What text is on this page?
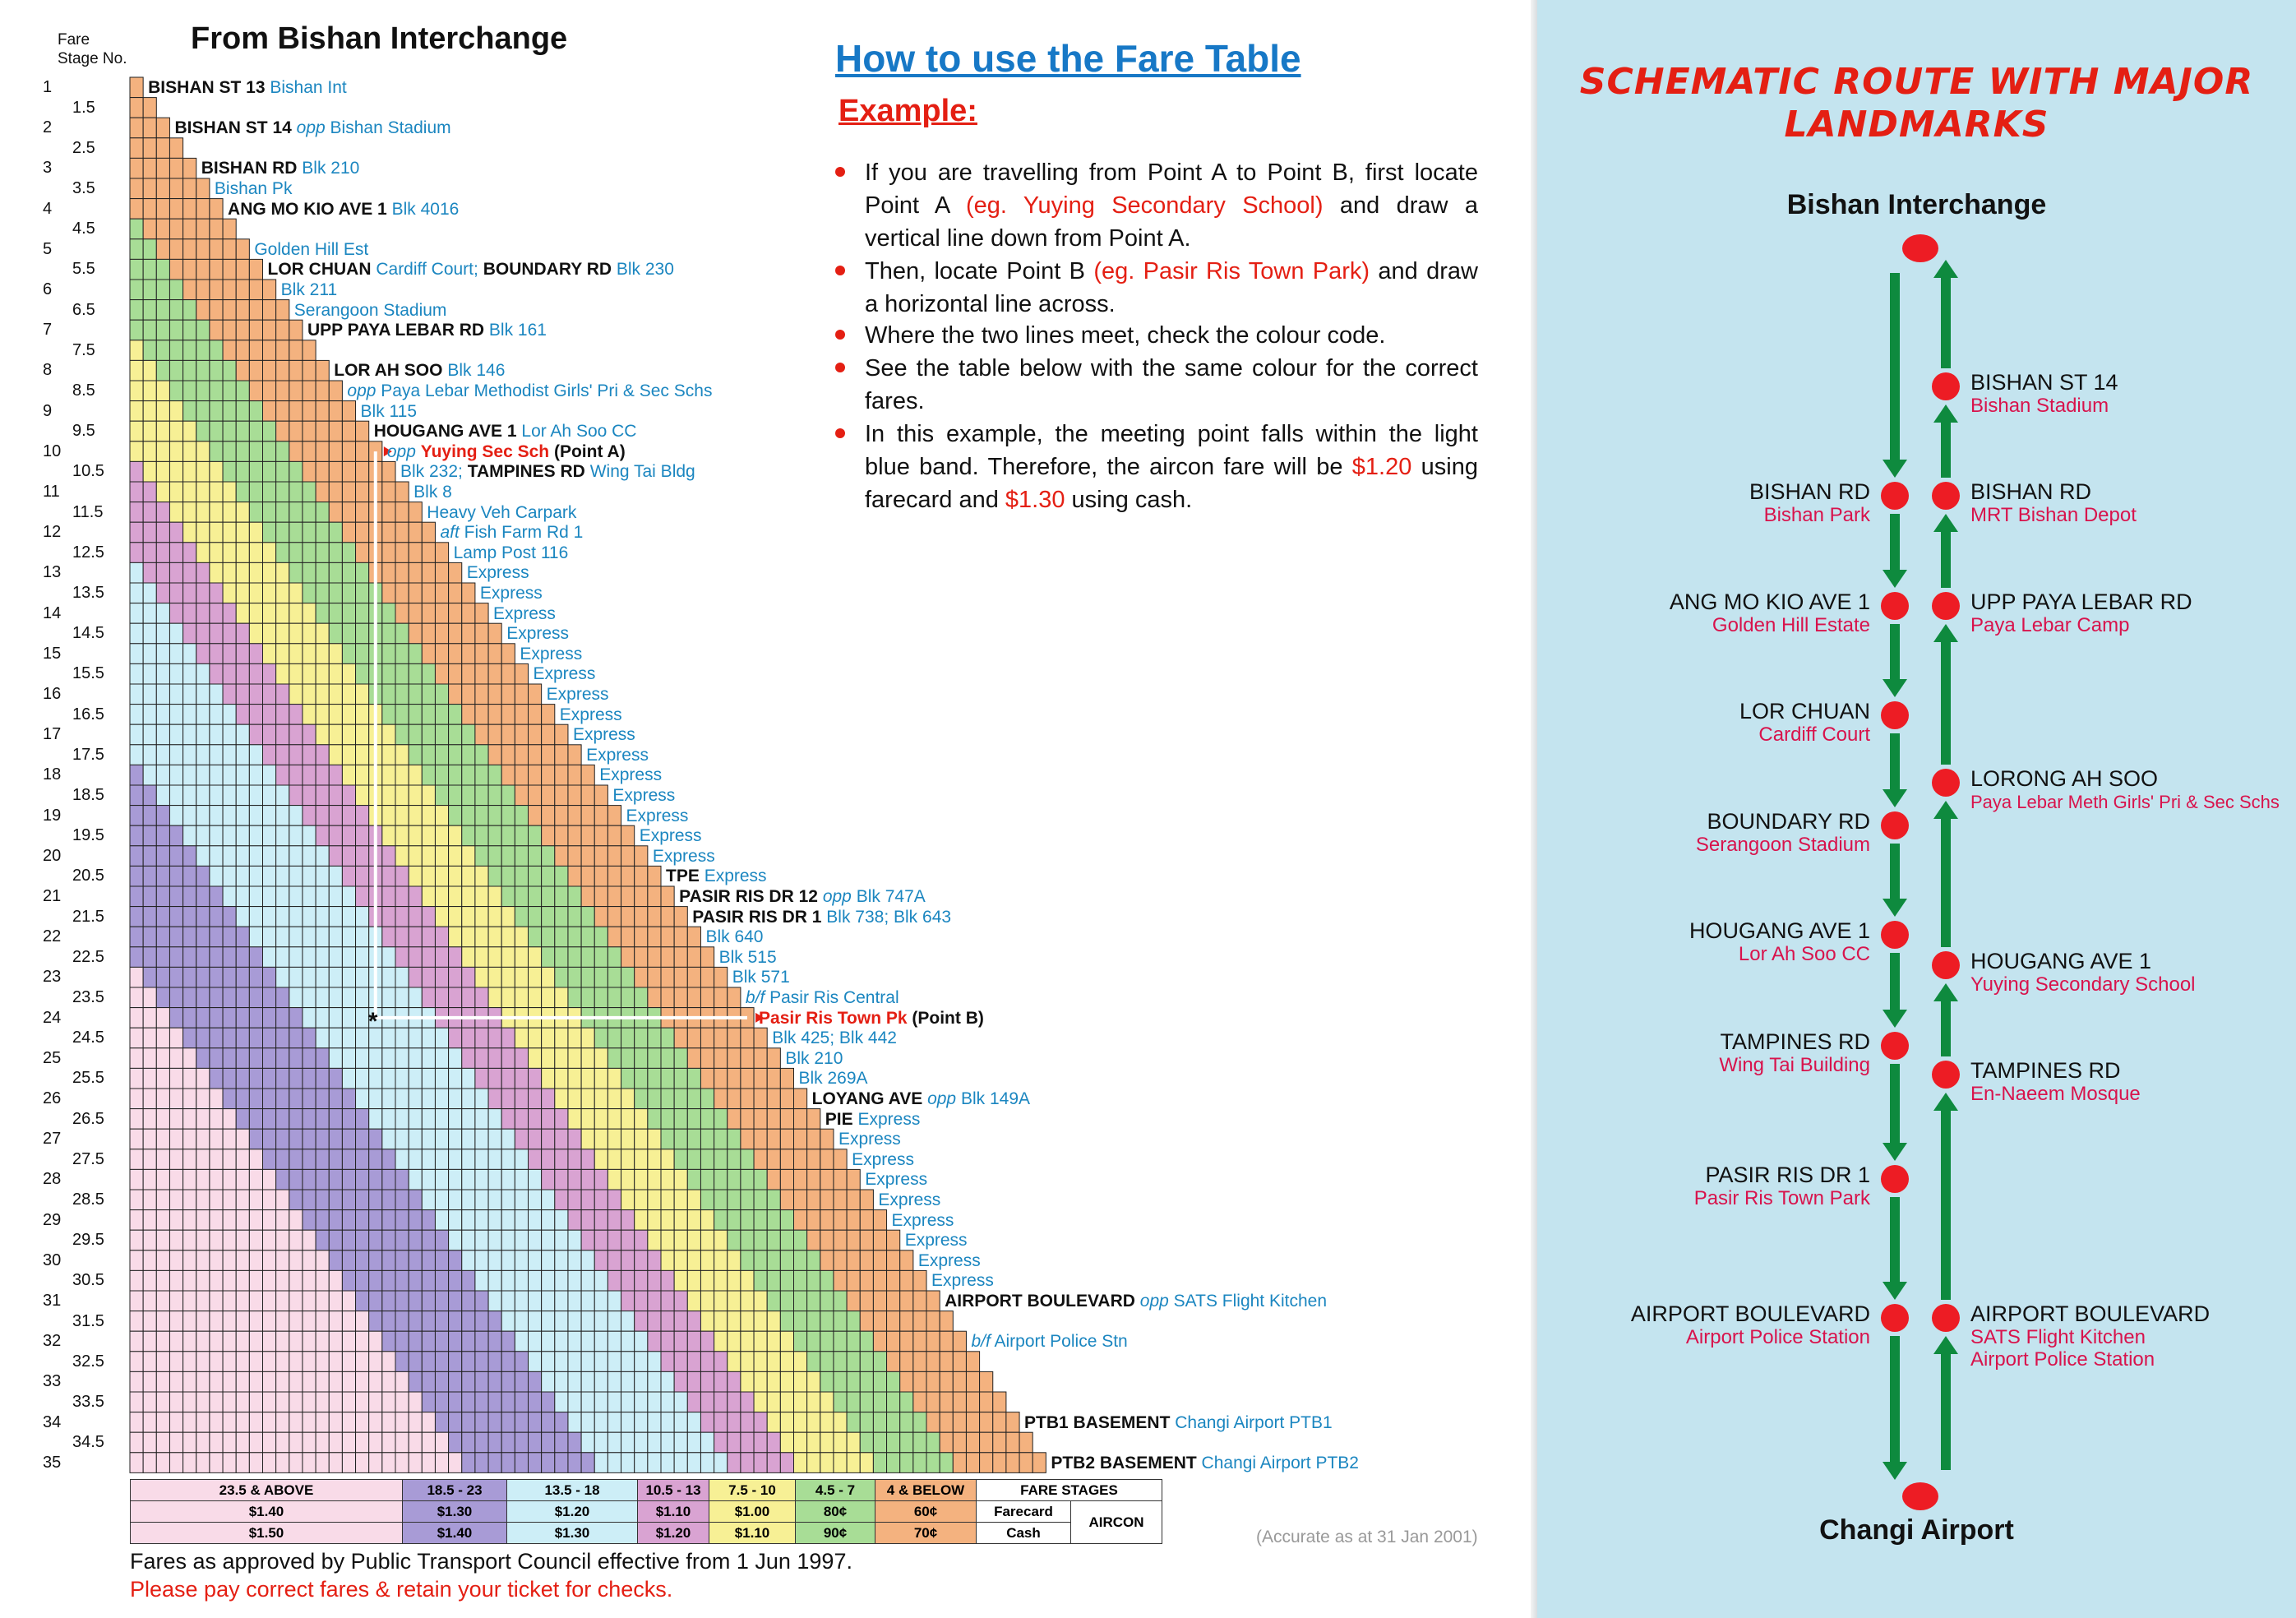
Fare
Stage No.
From Bishan Interchange
*
1
1.5
2
2.5
3
3.5
4
4.5
5
5.5
6
6.5
7
7.5
8
8.5
9
9.5
10
10.5
11
11.5
12
12.5
13
13.5
14
14.5
15
15.5
16
16.5
17
17.5
18
18.5
19
19.5
20
20.5
21
21.5
22
22.5
23
23.5
24
24.5
25
25.5
26
26.5
27
27.5
28
28.5
29
29.5
30
30.5
31
31.5
32
32.5
33
33.5
34
34.5
35
BISHAN ST 13 Bishan Int
BISHAN ST 14 opp Bishan Stadium
BISHAN RD Blk 210
Bishan Pk
ANG MO KIO AVE 1 Blk 4016
Golden Hill Est
LOR CHUAN Cardiff Court; BOUNDARY RD Blk 230
Blk 211
Serangoon Stadium
UPP PAYA LEBAR RD Blk 161
LOR AH SOO Blk 146
opp Paya Lebar Methodist Girls' Pri & Sec Schs
Blk 115
HOUGANG AVE 1 Lor Ah Soo CC
opp Yuying Sec Sch (Point A)
Blk 232; TAMPINES RD Wing Tai Bldg
Blk 8
Heavy Veh Carpark
aft Fish Farm Rd 1
Lamp Post 116
Express
Express
Express
Express
Express
Express
Express
Express
Express
Express
Express
Express
Express
Express
Express
TPE Express
PASIR RIS DR 12 opp Blk 747A
PASIR RIS DR 1 Blk 738; Blk 643
Blk 640
Blk 515
Blk 571
b/f Pasir Ris Central
Pasir Ris Town Pk (Point B)
Blk 425; Blk 442
Blk 210
Blk 269A
LOYANG AVE opp Blk 149A
PIE Express
Express
Express
Express
Express
Express
Express
Express
Express
AIRPORT BOULEVARD opp SATS Flight Kitchen
b/f Airport Police Stn
PTB1 BASEMENT Changi Airport PTB1
PTB2 BASEMENT Changi Airport PTB2
How to use the Fare Table
Example:
If you are travelling from Point A to Point B, first locate Point A (eg. Yuying Secondary School) and draw a vertical line down from Point A.
Then, locate Point B (eg. Pasir Ris Town Park) and draw a horizontal line across.
Where the two lines meet, check the colour code.
See the table below with the same colour for the correct fares.
In this example, the meeting point falls within the light blue band. Therefore, the aircon fare will be $1.20 using farecard and $1.30 using cash.
23.5 & ABOVE	18.5 - 23	13.5 - 18	10.5 - 13	7.5 - 10	4.5 - 7	4 & BELOW	FARE STAGES	
$1.40	$1.30	$1.20	$1.10	$1.00	80¢	60¢	Farecard	AIRCON
$1.50	$1.40	$1.30	$1.20	$1.10	90¢	70¢	Cash	
Fares as approved by Public Transport Council effective from 1 Jun 1997.
Please pay correct fares & retain your ticket for checks.
(Accurate as at 31 Jan 2001)
SCHEMATIC ROUTE WITH MAJOR
LANDMARKS
Bishan Interchange
Changi Airport
BISHAN RD
Bishan Park
ANG MO KIO AVE 1
Golden Hill Estate
LOR CHUAN
Cardiff Court
BOUNDARY RD
Serangoon Stadium
HOUGANG AVE 1
Lor Ah Soo CC
TAMPINES RD
Wing Tai Building
PASIR RIS DR 1
Pasir Ris Town Park
AIRPORT BOULEVARD
Airport Police Station
BISHAN ST 14
Bishan Stadium
BISHAN RD
MRT Bishan Depot
UPP PAYA LEBAR RD
Paya Lebar Camp
LORONG AH SOO
Paya Lebar Meth Girls' Pri & Sec Schs
HOUGANG AVE 1
Yuying Secondary School
TAMPINES RD
En-Naeem Mosque
AIRPORT BOULEVARD
SATS Flight Kitchen
Airport Police Station
